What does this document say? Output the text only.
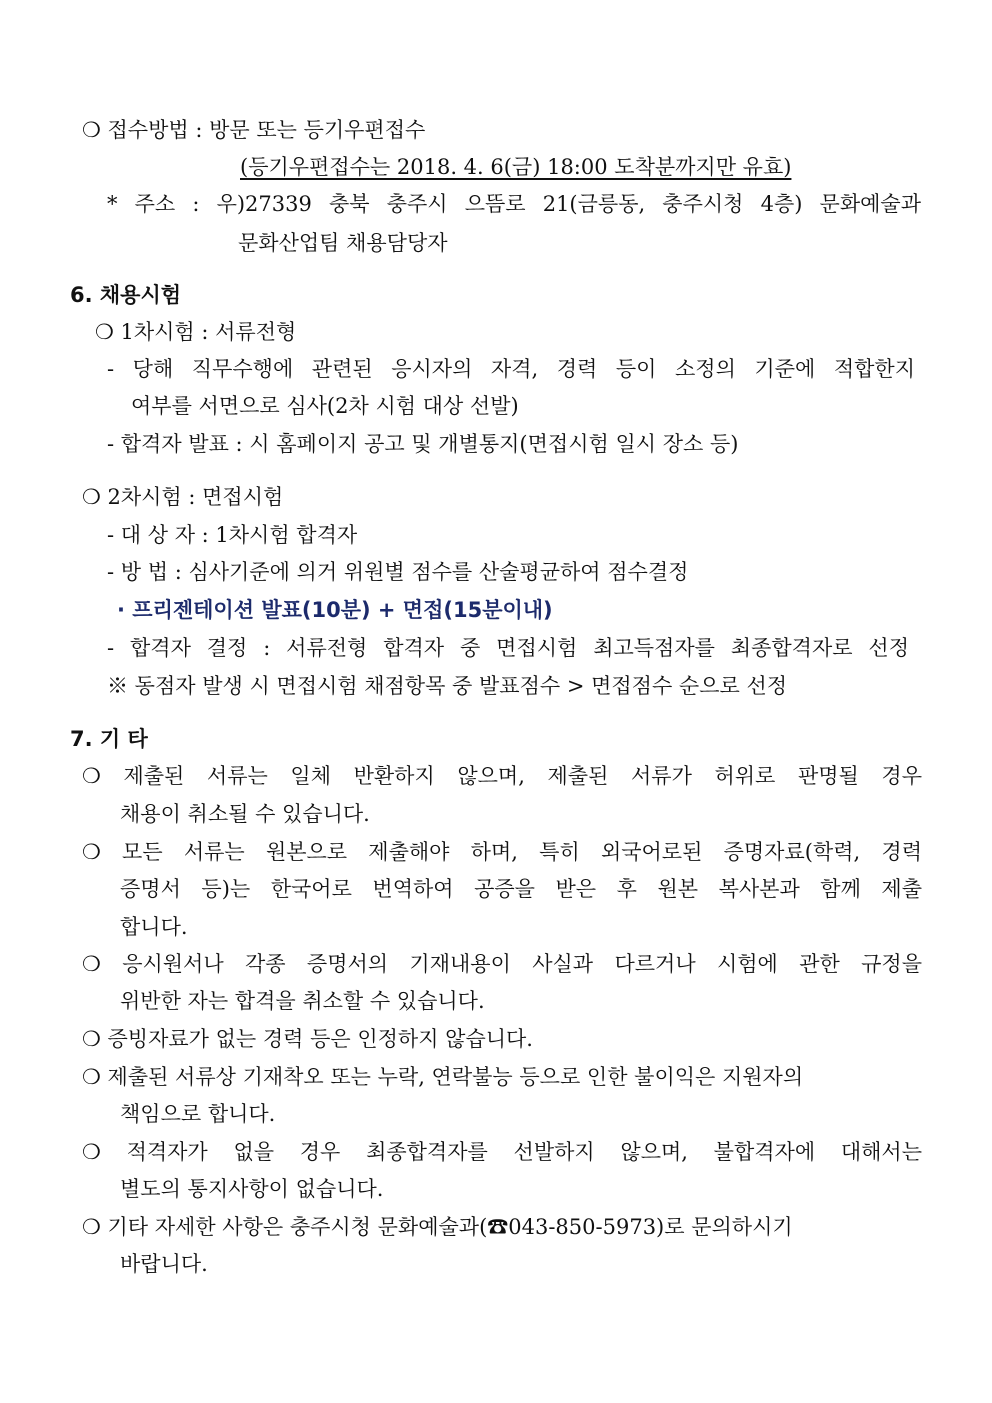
❍ 접수방법 : 방문 또는 등기우편접수
(등기우편접수는 2018. 4. 6(금) 18:00 도착분까지만 유효)
* 주소 : 우)27339 충북 충주시 으뜸로 21(금릉동, 충주시청 4층) 문화예술과
문화산업팀 채용담당자
6. 채용시험
❍ 1차시험 : 서류전형
- 당해 직무수행에 관련된 응시자의 자격, 경력 등이 소정의 기준에 적합한지
여부를 서면으로 심사(2차 시험 대상 선발)
- 합격자 발표 : 시 홈페이지 공고 및 개별통지(면접시험 일시 장소 등)
❍ 2차시험 : 면접시험
- 대 상 자 : 1차시험 합격자
- 방 법 : 심사기준에 의거 위원별 점수를 산술평균하여 점수결정
· 프리젠테이션 발표(10분) + 면접(15분이내)
- 합격자 결정 : 서류전형 합격자 중 면접시험 최고득점자를 최종합격자로 선정
※ 동점자 발생 시 면접시험 채점항목 중 발표점수 > 면접점수 순으로 선정
7. 기 타
❍ 제출된 서류는 일체 반환하지 않으며, 제출된 서류가 허위로 판명될 경우
채용이 취소될 수 있습니다.
❍ 모든 서류는 원본으로 제출해야 하며, 특히 외국어로된 증명자료(학력, 경력
증명서 등)는 한국어로 번역하여 공증을 받은 후 원본 복사본과 함께 제출
합니다.
❍ 응시원서나 각종 증명서의 기재내용이 사실과 다르거나 시험에 관한 규정을
위반한 자는 합격을 취소할 수 있습니다.
❍ 증빙자료가 없는 경력 등은 인정하지 않습니다.
❍ 제출된 서류상 기재착오 또는 누락, 연락불능 등으로 인한 불이익은 지원자의
책임으로 합니다.
❍ 적격자가 없을 경우 최종합격자를 선발하지 않으며, 불합격자에 대해서는
별도의 통지사항이 없습니다.
❍ 기타 자세한 사항은 충주시청 문화예술과(☎043-850-5973)로 문의하시기
바랍니다.
